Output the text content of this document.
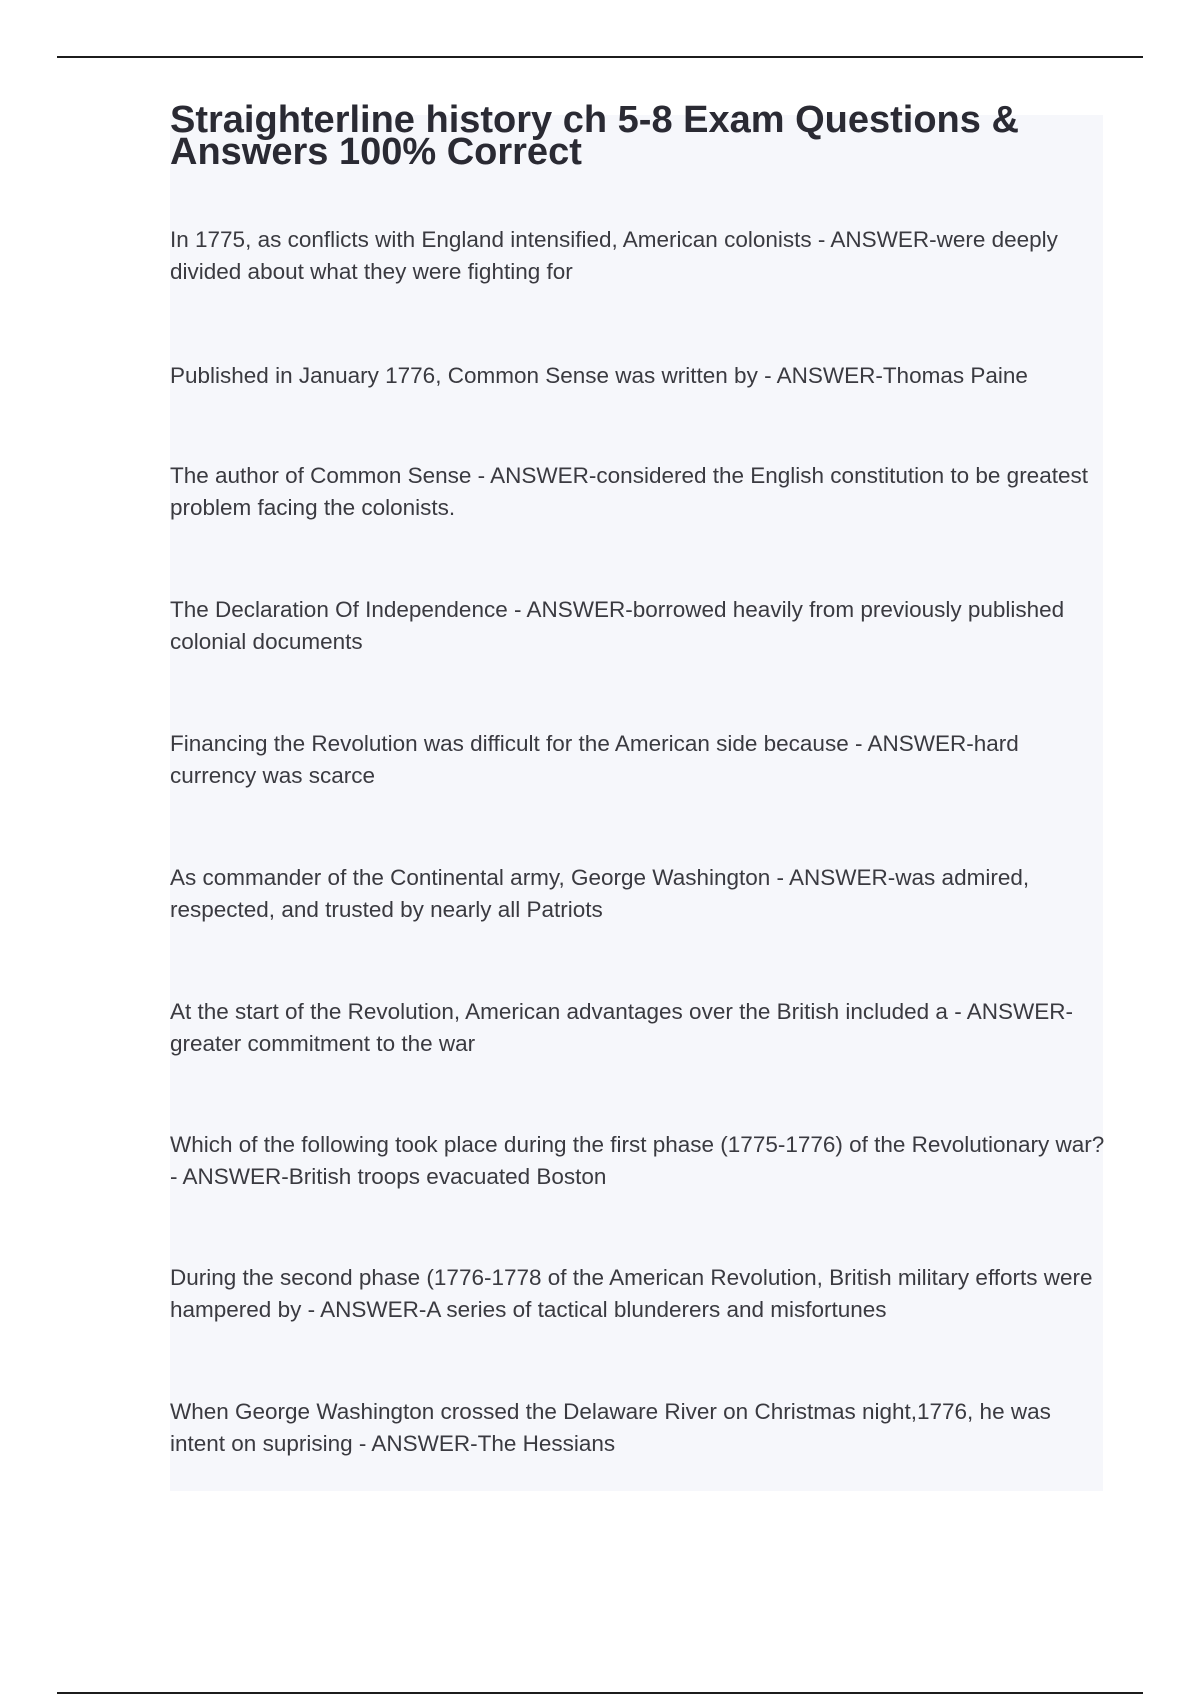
Straighterline history ch 5-8 Exam Questions & Answers 100% Correct

In 1775, as conflicts with England intensified, American colonists - ANSWER-were deeply divided about what they were fighting for

Published in January 1776, Common Sense was written by - ANSWER-Thomas Paine

The author of Common Sense - ANSWER-considered the English constitution to be greatest problem facing the colonists.

The Declaration Of Independence - ANSWER-borrowed heavily from previously published colonial documents

Financing the Revolution was difficult for the American side because - ANSWER-hard currency was scarce

As commander of the Continental army, George Washington - ANSWER-was admired, respected, and trusted by nearly all Patriots

At the start of the Revolution, American advantages over the British included a - ANSWER-greater commitment to the war

Which of the following took place during the first phase (1775-1776) of the Revolutionary war? - ANSWER-British troops evacuated Boston

During the second phase (1776-1778 of the American Revolution, British military efforts were hampered by - ANSWER-A series of tactical blunderers and misfortunes

When George Washington crossed the Delaware River on Christmas night,1776, he was intent on suprising - ANSWER-The Hessians
